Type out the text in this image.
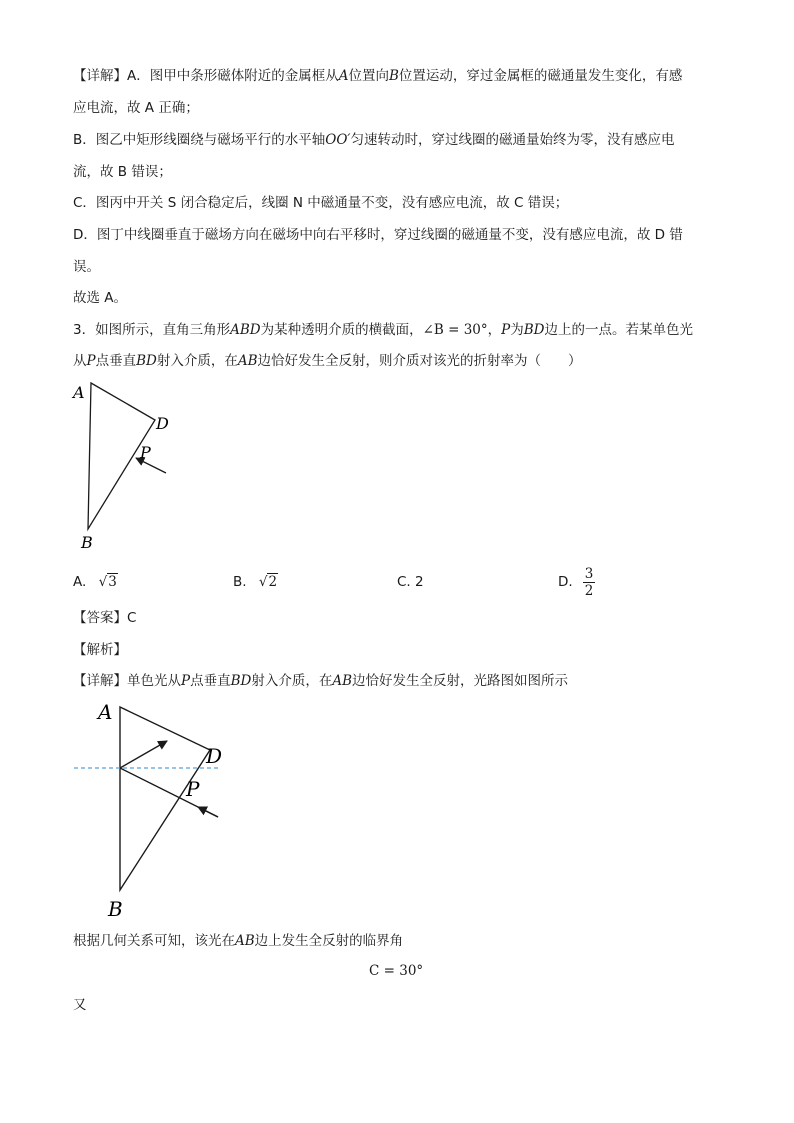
【详解】A．图甲中条形磁体附近的金属框从A位置向B位置运动，穿过金属框的磁通量发生变化，有感
应电流，故 A 正确；
B．图乙中矩形线圈绕与磁场平行的水平轴OO′匀速转动时，穿过线圈的磁通量始终为零，没有感应电
流，故 B 错误；
C．图丙中开关 S 闭合稳定后，线圈 N 中磁通量不变，没有感应电流，故 C 错误；
D．图丁中线圈垂直于磁场方向在磁场中向右平移时，穿过线圈的磁通量不变，没有感应电流，故 D 错
误。
故选 A。
3．如图所示，直角三角形ABD为某种透明介质的横截面，∠B = 30°，P为BD边上的一点。若某单色光
从P点垂直BD射入介质，在AB边恰好发生全反射，则介质对该光的折射率为（　　）
A
D
P
B
A. √3	B. √2	C. 2	D. $\frac{3}{2}$
【答案】C
【解析】
【详解】单色光从P点垂直BD射入介质，在AB边恰好发生全反射，光路图如图所示
A
D
P
B
根据几何关系可知，该光在AB边上发生全反射的临界角
C = 30°
又
